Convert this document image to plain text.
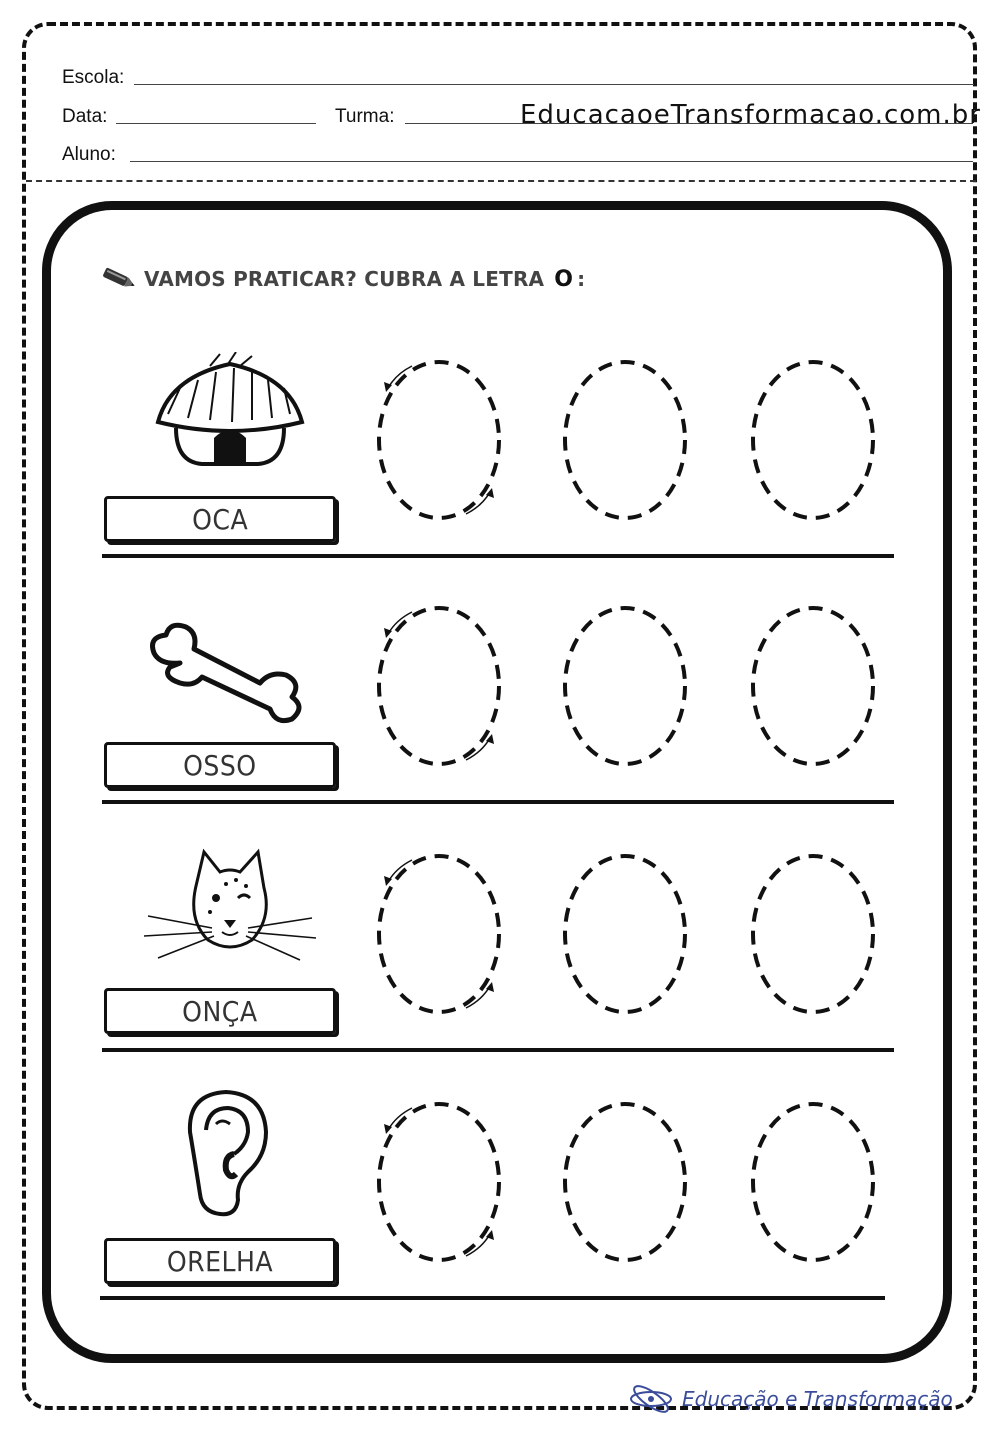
Escola:
Data:	Turma:	EducacaoeTransformacao.com.br
Aluno:
VAMOS PRATICAR? CUBRA A LETRA O :
OCA
OSSO
ONÇA
ORELHA
Educação e Transformação
